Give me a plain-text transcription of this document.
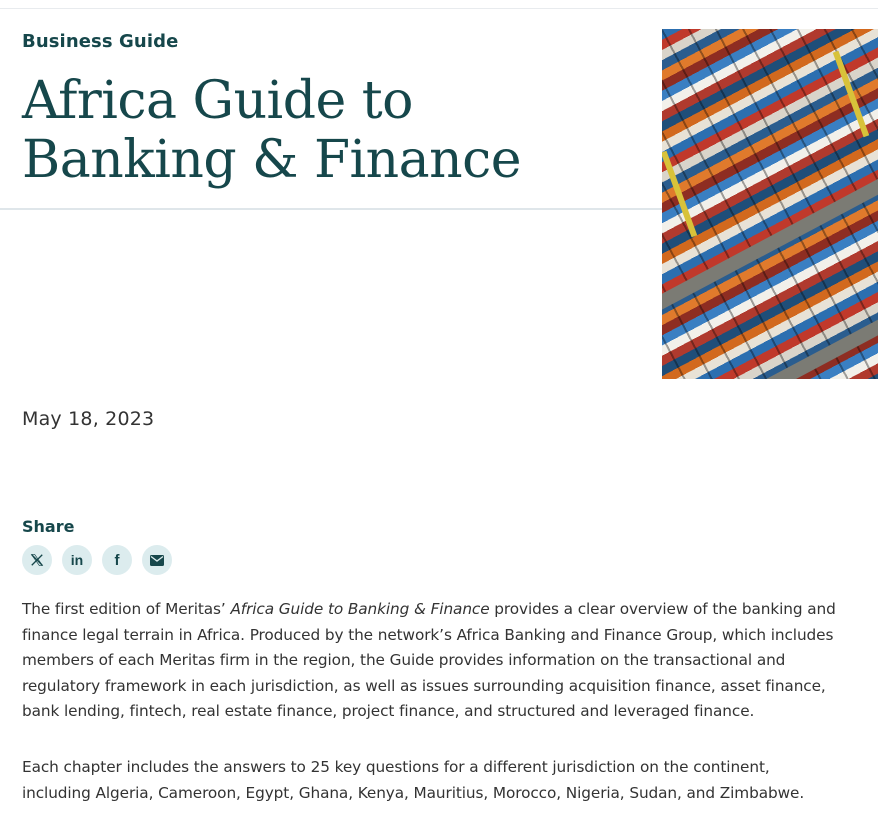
Business Guide
Africa Guide to Banking & Finance
May 18, 2023
Share
in f

The first edition of Meritas’ Africa Guide to Banking & Finance provides a clear overview of the banking and finance legal terrain in Africa. Produced by the network’s Africa Banking and Finance Group, which includes members of each Meritas firm in the region, the Guide provides information on the transactional and regulatory framework in each jurisdiction, as well as issues surrounding acquisition finance, asset finance, bank lending, fintech, real estate finance, project finance, and structured and leveraged finance.

Each chapter includes the answers to 25 key questions for a different jurisdiction on the continent, including Algeria, Cameroon, Egypt, Ghana, Kenya, Mauritius, Morocco, Nigeria, Sudan, and Zimbabwe.
